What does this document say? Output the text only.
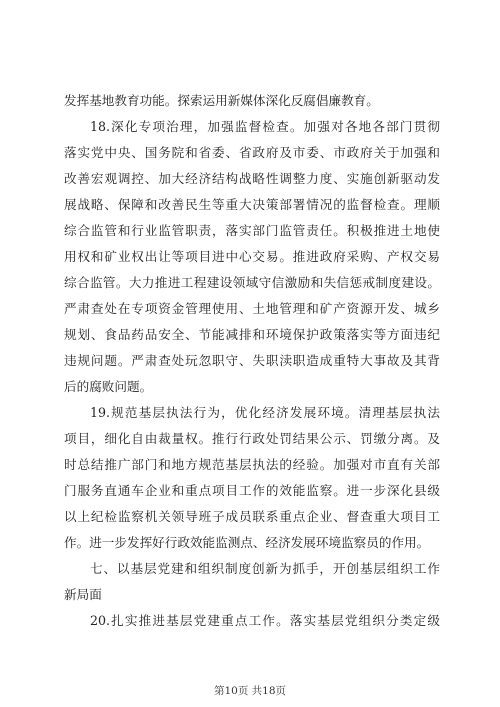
发挥基地教育功能。探索运用新媒体深化反腐倡廉教育。
18.深化专项治理，加强监督检查。加强对各地各部门贯彻
落实党中央、国务院和省委、省政府及市委、市政府关于加强和
改善宏观调控、加大经济结构战略性调整力度、实施创新驱动发
展战略、保障和改善民生等重大决策部署情况的监督检查。理顺
综合监管和行业监管职责，落实部门监管责任。积极推进土地使
用权和矿业权出让等项目进中心交易。推进政府采购、产权交易
综合监管。大力推进工程建设领域守信激励和失信惩戒制度建设。
严肃查处在专项资金管理使用、土地管理和矿产资源开发、城乡
规划、食品药品安全、节能减排和环境保护政策落实等方面违纪
违规问题。严肃查处玩忽职守、失职渎职造成重特大事故及其背
后的腐败问题。
19.规范基层执法行为，优化经济发展环境。清理基层执法
项目，细化自由裁量权。推行行政处罚结果公示、罚缴分离。及
时总结推广部门和地方规范基层执法的经验。加强对市直有关部
门服务直通车企业和重点项目工作的效能监察。进一步深化县级
以上纪检监察机关领导班子成员联系重点企业、督查重大项目工
作。进一步发挥好行政效能监测点、经济发展环境监察员的作用。
七、以基层党建和组织制度创新为抓手，开创基层组织工作
新局面
20.扎实推进基层党建重点工作。落实基层党组织分类定级
第10页 共18页
